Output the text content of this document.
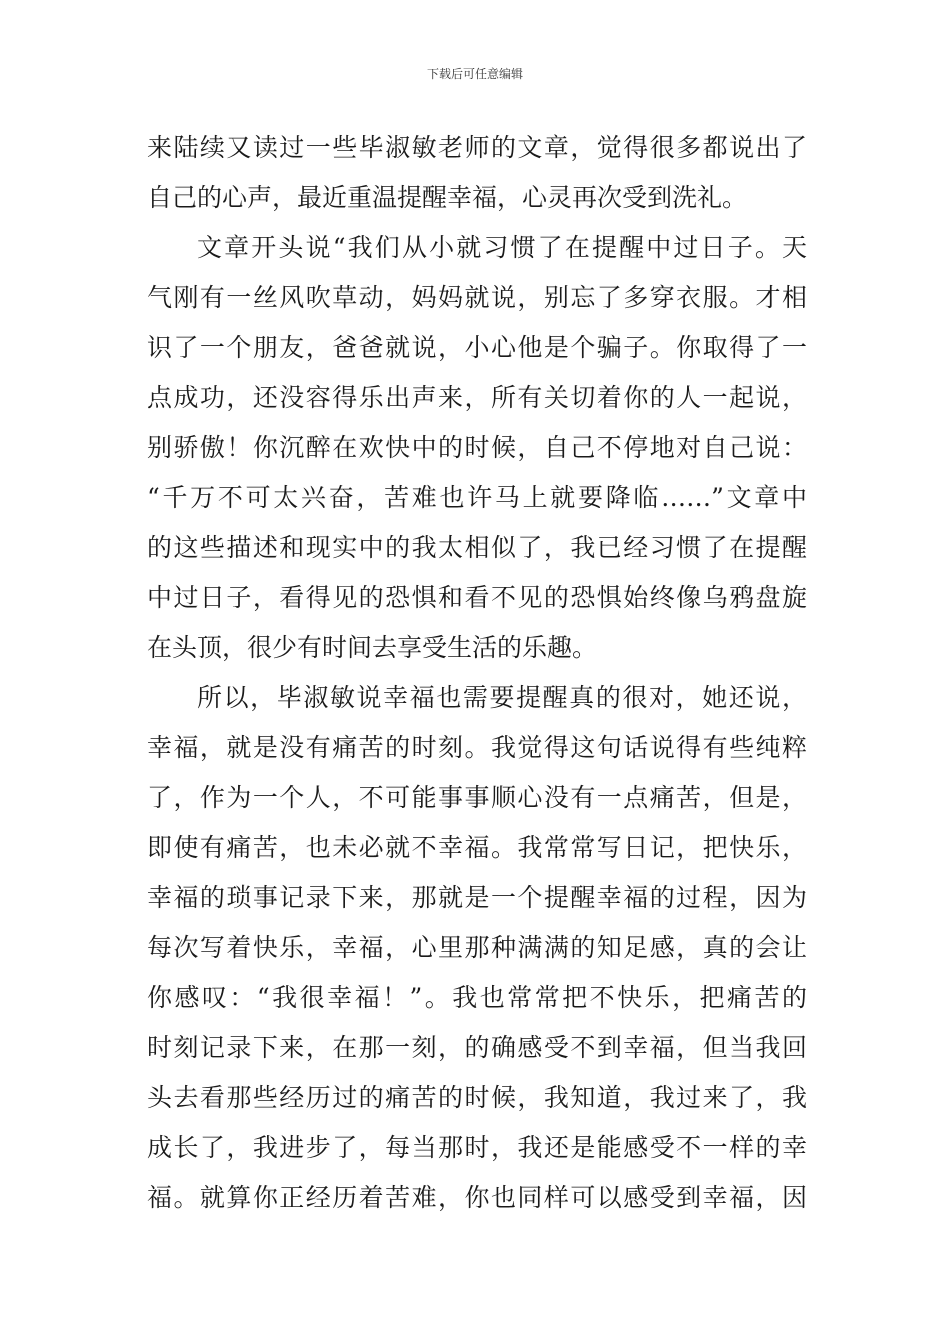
下载后可任意编辑
来陆续又读过一些毕淑敏老师的文章，觉得很多都说出了
自己的心声，最近重温提醒幸福，心灵再次受到洗礼。
文章开头说“我们从小就习惯了在提醒中过日子。天
气刚有一丝风吹草动，妈妈就说，别忘了多穿衣服。才相
识了一个朋友，爸爸就说，小心他是个骗子。你取得了一
点成功，还没容得乐出声来，所有关切着你的人一起说，
别骄傲！你沉醉在欢快中的时候，自己不停地对自己说：
“千万不可太兴奋，苦难也许马上就要降临……”文章中
的这些描述和现实中的我太相似了，我已经习惯了在提醒
中过日子，看得见的恐惧和看不见的恐惧始终像乌鸦盘旋
在头顶，很少有时间去享受生活的乐趣。
所以，毕淑敏说幸福也需要提醒真的很对，她还说，
幸福，就是没有痛苦的时刻。我觉得这句话说得有些纯粹
了，作为一个人，不可能事事顺心没有一点痛苦，但是，
即使有痛苦，也未必就不幸福。我常常写日记，把快乐，
幸福的琐事记录下来，那就是一个提醒幸福的过程，因为
每次写着快乐，幸福，心里那种满满的知足感，真的会让
你感叹：“我很幸福！”。我也常常把不快乐，把痛苦的
时刻记录下来，在那一刻，的确感受不到幸福，但当我回
头去看那些经历过的痛苦的时候，我知道，我过来了，我
成长了，我进步了，每当那时，我还是能感受不一样的幸
福。就算你正经历着苦难，你也同样可以感受到幸福，因
